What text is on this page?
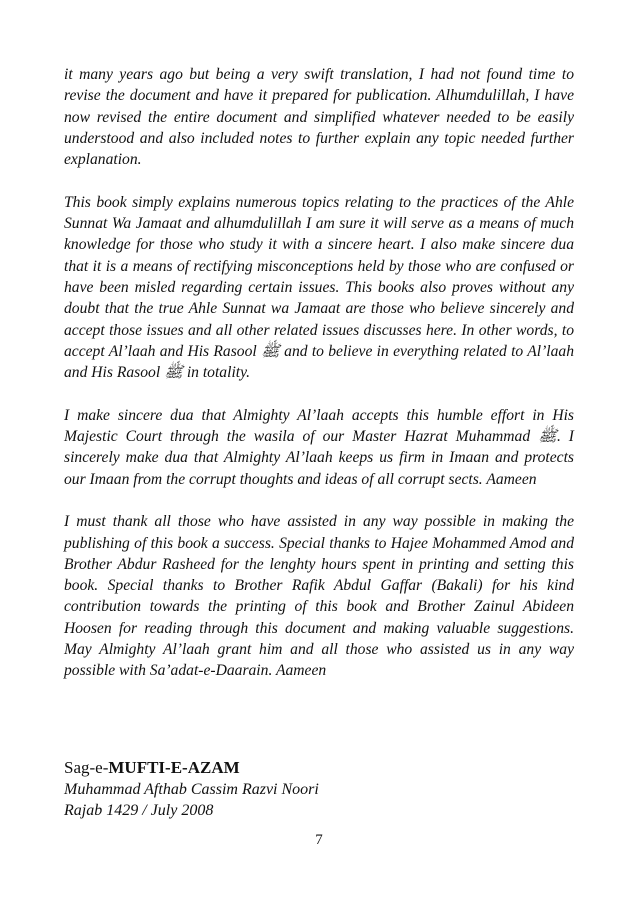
it many years ago but being a very swift translation, I had not found time to revise the document and have it prepared for publication. Alhumdulillah, I have now revised the entire document and simplified whatever needed to be easily understood and also included notes to further explain any topic needed further explanation.

This book simply explains numerous topics relating to the practices of the Ahle Sunnat Wa Jamaat and alhumdulillah I am sure it will serve as a means of much knowledge for those who study it with a sincere heart. I also make sincere dua that it is a means of rectifying misconceptions held by those who are confused or have been misled regarding certain issues. This books also proves without any doubt that the true Ahle Sunnat wa Jamaat are those who believe sincerely and accept those issues and all other related issues discusses here. In other words, to accept Al’laah and His Rasool ﷺ and to believe in everything related to Al’laah and His Rasool ﷺ in totality.

I make sincere dua that Almighty Al’laah accepts this humble effort in His Majestic Court through the wasila of our Master Hazrat Muhammad ﷺ. I sincerely make dua that Almighty Al’laah keeps us firm in Imaan and protects our Imaan from the corrupt thoughts and ideas of all corrupt sects. Aameen

I must thank all those who have assisted in any way possible in making the publishing of this book a success. Special thanks to Hajee Mohammed Amod and Brother Abdur Rasheed for the lenghty hours spent in printing and setting this book. Special thanks to Brother Rafik Abdul Gaffar (Bakali) for his kind contribution towards the printing of this book and Brother Zainul Abideen Hoosen for reading through this document and making valuable suggestions. May Almighty Al’laah grant him and all those who assisted us in any way possible with Sa’adat-e-Daarain. Aameen

Sag-e-MUFTI-E-AZAM
Muhammad Afthab Cassim Razvi Noori
Rajab 1429 / July 2008
7
